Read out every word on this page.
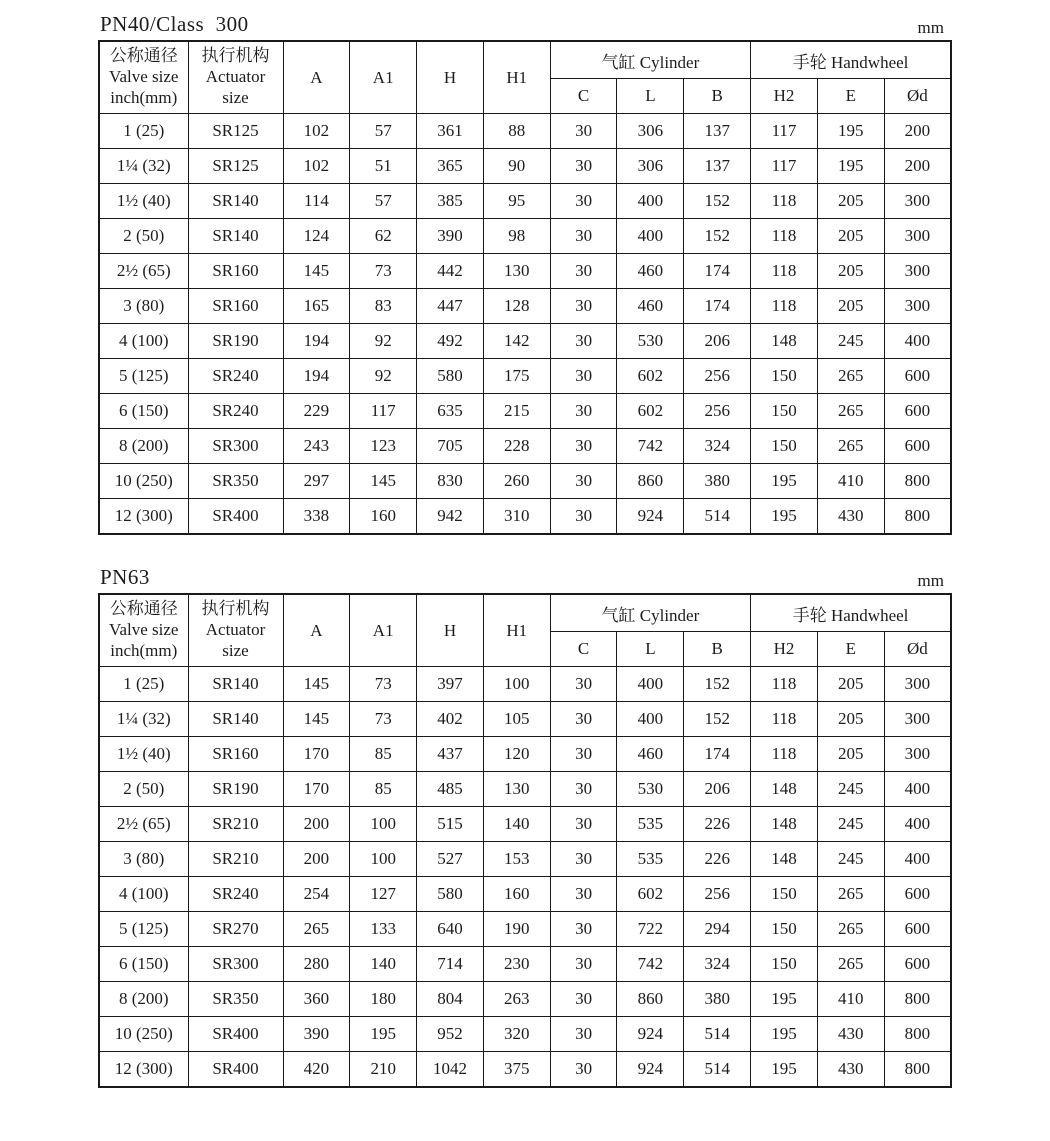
PN40/Class  300	mm
公称通径
Valve size
inch(mm)	执行机构
Actuator
size	A	A1	H	H1	气缸 Cylinder			手轮 Handwheel		
						C	L	B	H2	E	Ød
1 (25)	SR125	102	57	361	88	30	306	137	117	195	200
1¼ (32)	SR125	102	51	365	90	30	306	137	117	195	200
1½ (40)	SR140	114	57	385	95	30	400	152	118	205	300
2 (50)	SR140	124	62	390	98	30	400	152	118	205	300
2½ (65)	SR160	145	73	442	130	30	460	174	118	205	300
3 (80)	SR160	165	83	447	128	30	460	174	118	205	300
4 (100)	SR190	194	92	492	142	30	530	206	148	245	400
5 (125)	SR240	194	92	580	175	30	602	256	150	265	600
6 (150)	SR240	229	117	635	215	30	602	256	150	265	600
8 (200)	SR300	243	123	705	228	30	742	324	150	265	600
10 (250)	SR350	297	145	830	260	30	860	380	195	410	800
12 (300)	SR400	338	160	942	310	30	924	514	195	430	800
PN63	mm
公称通径
Valve size
inch(mm)	执行机构
Actuator
size	A	A1	H	H1	气缸 Cylinder			手轮 Handwheel		
						C	L	B	H2	E	Ød
1 (25)	SR140	145	73	397	100	30	400	152	118	205	300
1¼ (32)	SR140	145	73	402	105	30	400	152	118	205	300
1½ (40)	SR160	170	85	437	120	30	460	174	118	205	300
2 (50)	SR190	170	85	485	130	30	530	206	148	245	400
2½ (65)	SR210	200	100	515	140	30	535	226	148	245	400
3 (80)	SR210	200	100	527	153	30	535	226	148	245	400
4 (100)	SR240	254	127	580	160	30	602	256	150	265	600
5 (125)	SR270	265	133	640	190	30	722	294	150	265	600
6 (150)	SR300	280	140	714	230	30	742	324	150	265	600
8 (200)	SR350	360	180	804	263	30	860	380	195	410	800
10 (250)	SR400	390	195	952	320	30	924	514	195	430	800
12 (300)	SR400	420	210	1042	375	30	924	514	195	430	800
